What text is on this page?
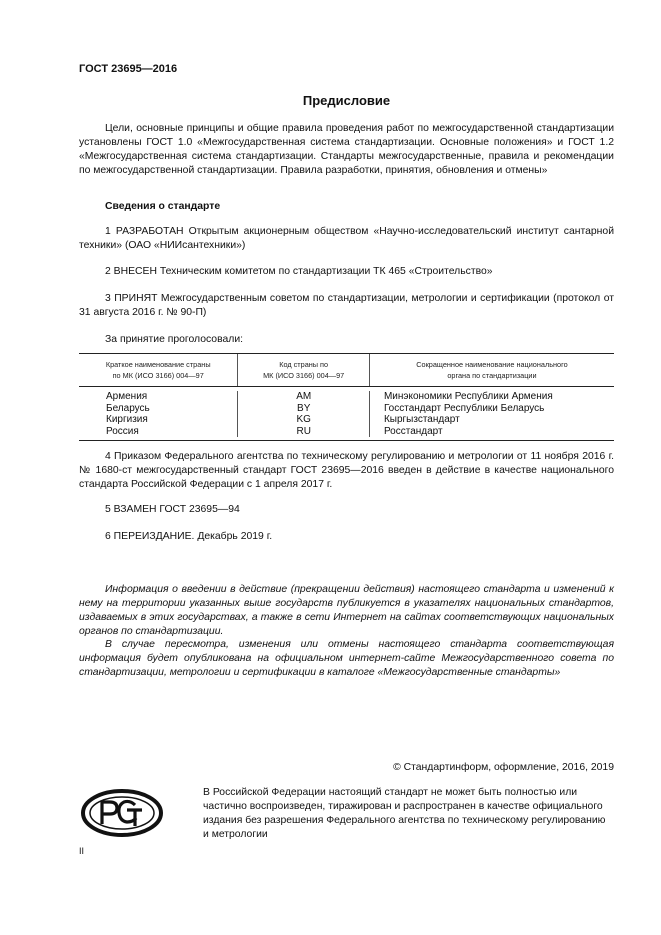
ГОСТ 23695—2016
Предисловие
Цели, основные принципы и общие правила проведения работ по межгосударственной стандартизации установлены ГОСТ 1.0 «Межгосударственная система стандартизации. Основные положения» и ГОСТ 1.2 «Межгосударственная система стандартизации. Стандарты межгосударственные, правила и рекомендации по межгосударственной стандартизации. Правила разработки, принятия, обновления и отмены»
Сведения о стандарте
1 РАЗРАБОТАН Открытым акционерным обществом «Научно-исследовательский институт сантарной техники» (ОАО «НИИсантехники»)
2 ВНЕСЕН Техническим комитетом по стандартизации ТК 465 «Строительство»
3 ПРИНЯТ Межгосударственным советом по стандартизации, метрологии и сертификации (протокол от 31 августа 2016 г. № 90-П)
За принятие проголосовали:
Краткое наименование страны
по МК (ИСО 3166) 004—97
Код страны по
МК (ИСО 3166) 004—97
Сокращенное наименование национального
органа по стандартизации
Армения
Беларусь
Киргизия
Россия
AM
BY
KG
RU
Минэкономики Республики Армения
Госстандарт Республики Беларусь
Кыргызстандарт
Росстандарт
4 Приказом Федерального агентства по техническому регулированию и метрологии от 11 ноября 2016 г. № 1680-ст межгосударственный стандарт ГОСТ 23695—2016 введен в действие в качестве национального стандарта Российской Федерации с 1 апреля 2017 г.
5 ВЗАМЕН ГОСТ 23695—94
6 ПЕРЕИЗДАНИЕ. Декабрь 2019 г.
Информация о введении в действие (прекращении действия) настоящего стандарта и изменений к нему на территории указанных выше государств публикуется в указателях национальных стандартов, издаваемых в этих государствах, а также в сети Интернет на сайтах соответствующих национальных органов по стандартизации.
В случае пересмотра, изменения или отмены настоящего стандарта соответствующая информация будет опубликована на официальном интернет-сайте Межгосударственного совета по стандартизации, метрологии и сертификации в каталоге «Межгосударственные стандарты»
© Стандартинформ, оформление, 2016, 2019
В Российской Федерации настоящий стандарт не может быть полностью или частично воспроизведен, тиражирован и распространен в качестве официального издания без разрешения Федерального агентства по техническому регулированию и метрологии
II
